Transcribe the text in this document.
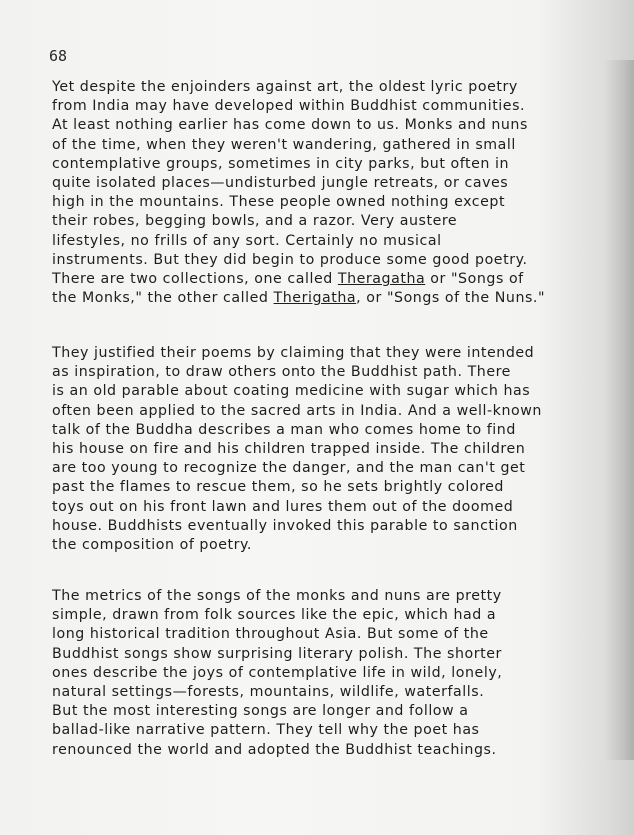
68

Yet despite the enjoinders against art, the oldest lyric poetry
from India may have developed within Buddhist communities.
At least nothing earlier has come down to us. Monks and nuns
of the time, when they weren't wandering, gathered in small
contemplative groups, sometimes in city parks, but often in
quite isolated places—undisturbed jungle retreats, or caves
high in the mountains. These people owned nothing except
their robes, begging bowls, and a razor. Very austere
lifestyles, no frills of any sort. Certainly no musical
instruments. But they did begin to produce some good poetry.
There are two collections, one called Theragatha or "Songs of
the Monks," the other called Therigatha, or "Songs of the Nuns."

They justified their poems by claiming that they were intended
as inspiration, to draw others onto the Buddhist path. There
is an old parable about coating medicine with sugar which has
often been applied to the sacred arts in India. And a well-known
talk of the Buddha describes a man who comes home to find
his house on fire and his children trapped inside. The children
are too young to recognize the danger, and the man can't get
past the flames to rescue them, so he sets brightly colored
toys out on his front lawn and lures them out of the doomed
house. Buddhists eventually invoked this parable to sanction
the composition of poetry.

The metrics of the songs of the monks and nuns are pretty
simple, drawn from folk sources like the epic, which had a
long historical tradition throughout Asia. But some of the
Buddhist songs show surprising literary polish. The shorter
ones describe the joys of contemplative life in wild, lonely,
natural settings—forests, mountains, wildlife, waterfalls.
But the most interesting songs are longer and follow a
ballad-like narrative pattern. They tell why the poet has
renounced the world and adopted the Buddhist teachings.
